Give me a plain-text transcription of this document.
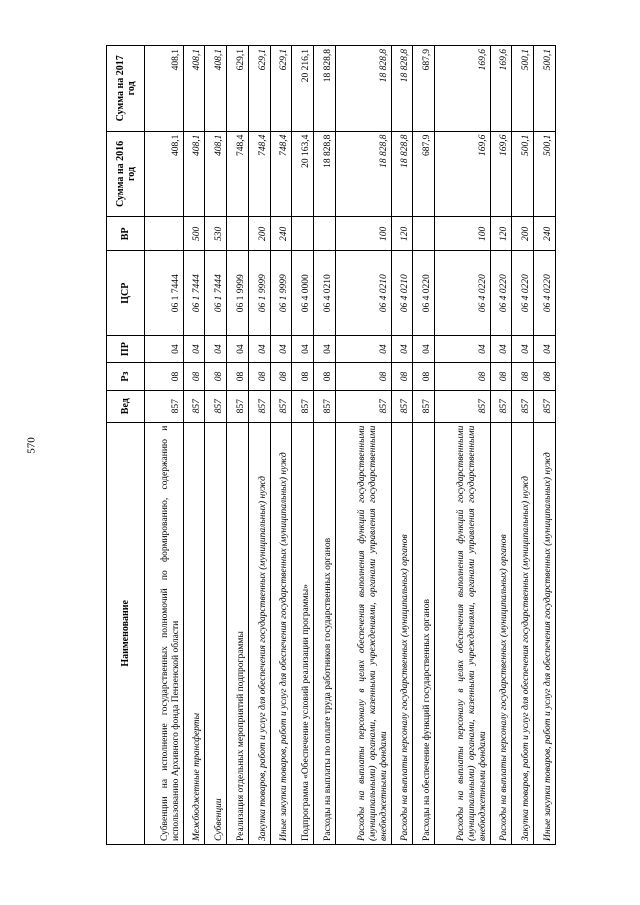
570
Наименование	Вед	Рз	ПР	ЦСР	ВР	Сумма на 2016 год	Сумма на 2017 год
Субвенции на исполнение государственных полномочий по формированию, содержанию и использованию Архивного фонда Пензенской области	857	08	04	06 1 7444		408,1	408,1
Межбюджетные трансферты	857	08	04	06 1 7444	500	408,1	408,1
Субвенции	857	08	04	06 1 7444	530	408,1	408,1
Реализация отдельных мероприятий подпрограммы	857	08	04	06 1 9999		748,4	629,1
Закупка товаров, работ и услуг для обеспечения государственных (муниципальных) нужд	857	08	04	06 1 9999	200	748,4	629,1
Иные закупки товаров, работ и услуг для обеспечения государственных (муниципальных) нужд	857	08	04	06 1 9999	240	748,4	629,1
Подпрограмма «Обеспечение условий реализации программы»	857	08	04	06 4 0000		20 163,4	20 216,1
Расходы на выплаты по оплате труда работников государственных органов	857	08	04	06 4 0210		18 828,8	18 828,8
Расходы на выплаты персоналу в целях обеспечения выполнения функций государственными (муниципальными) органами, казенными учреждениями, органами управления государственными внебюджетными фондами	857	08	04	06 4 0210	100	18 828,8	18 828,8
Расходы на выплаты персоналу государственных (муниципальных) органов	857	08	04	06 4 0210	120	18 828,8	18 828,8
Расходы на обеспечение функций государственных органов	857	08	04	06 4 0220		687,9	687,9
Расходы на выплаты персоналу в целях обеспечения выполнения функций государственными (муниципальными) органами, казенными учреждениями, органами управления государственными внебюджетными фондами	857	08	04	06 4 0220	100	169,6	169,6
Расходы на выплаты персоналу государственных (муниципальных) органов	857	08	04	06 4 0220	120	169,6	169,6
Закупка товаров, работ и услуг для обеспечения государственных (муниципальных) нужд	857	08	04	06 4 0220	200	500,1	500,1
Иные закупки товаров, работ и услуг для обеспечения государственных (муниципальных) нужд	857	08	04	06 4 0220	240	500,1	500,1
